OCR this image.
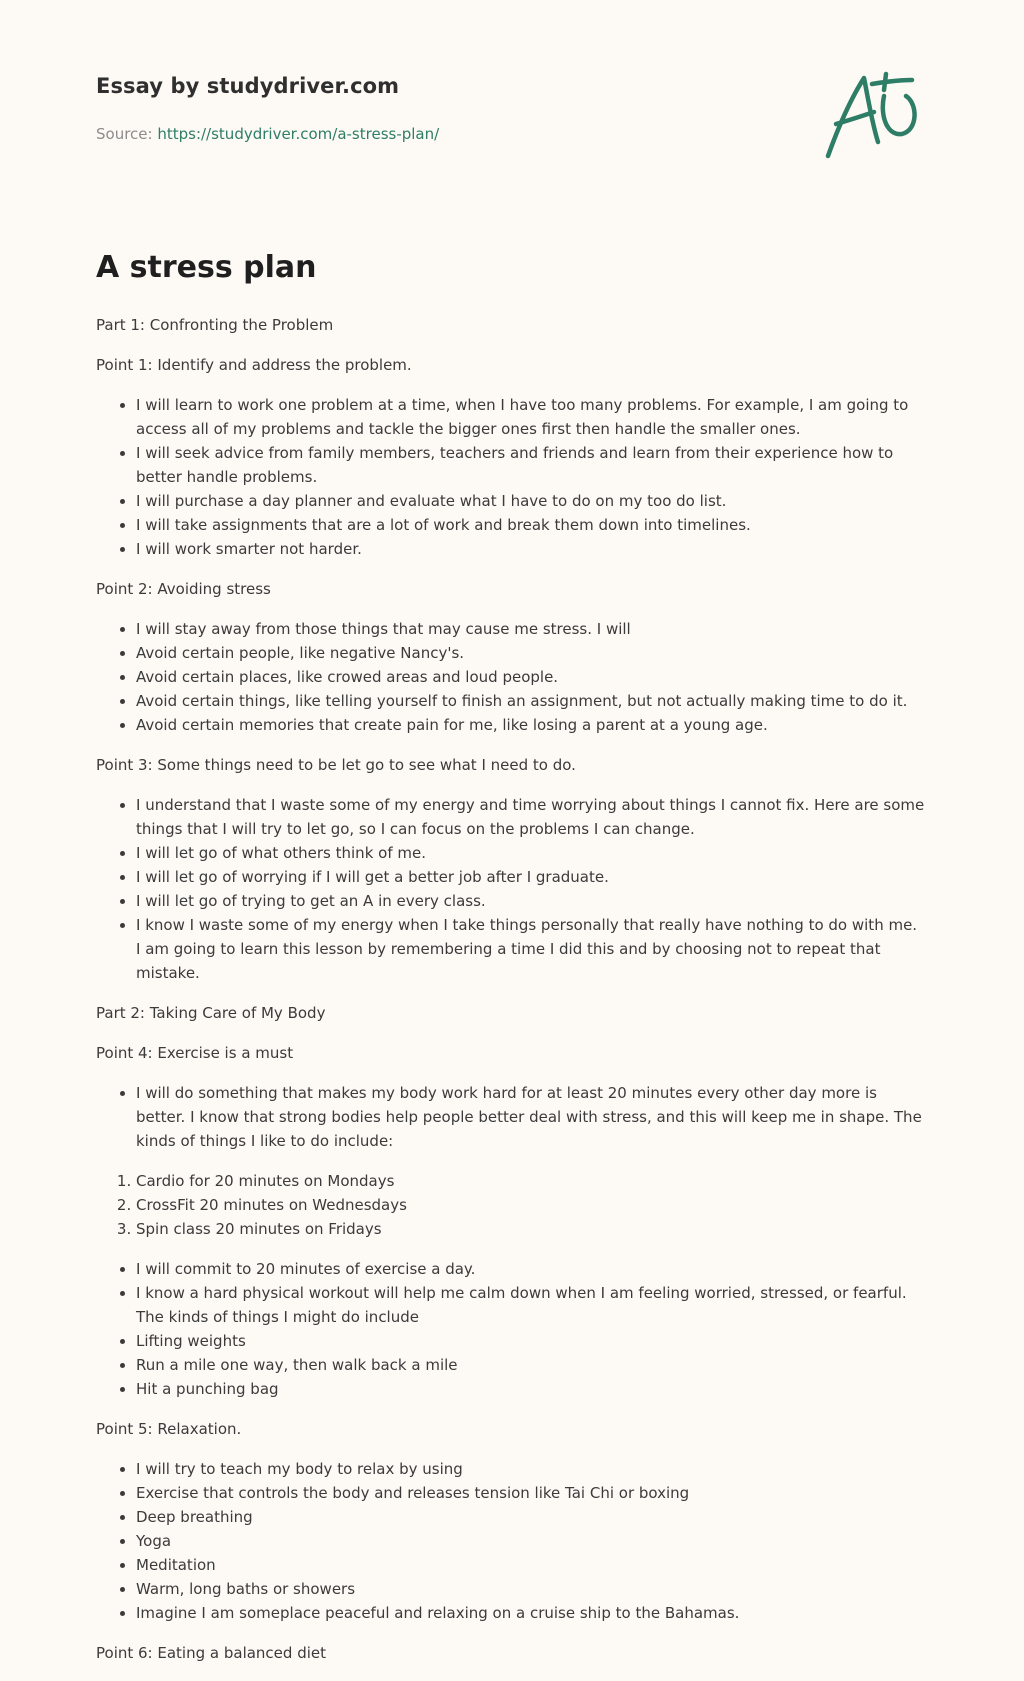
Essay by studydriver.com
Source: https://studydriver.com/a-stress-plan/
A stress plan

Part 1: Confronting the Problem

Point 1: Identify and address the problem.

• I will learn to work one problem at a time, when I have too many problems. For example, I am going to access all of my problems and tackle the bigger ones first then handle the smaller ones.
• I will seek advice from family members, teachers and friends and learn from their experience how to better handle problems.
• I will purchase a day planner and evaluate what I have to do on my too do list.
• I will take assignments that are a lot of work and break them down into timelines.
• I will work smarter not harder.

Point 2: Avoiding stress

• I will stay away from those things that may cause me stress. I will
• Avoid certain people, like negative Nancy's.
• Avoid certain places, like crowed areas and loud people.
• Avoid certain things, like telling yourself to finish an assignment, but not actually making time to do it.
• Avoid certain memories that create pain for me, like losing a parent at a young age.

Point 3: Some things need to be let go to see what I need to do.

• I understand that I waste some of my energy and time worrying about things I cannot fix. Here are some things that I will try to let go, so I can focus on the problems I can change.
• I will let go of what others think of me.
• I will let go of worrying if I will get a better job after I graduate.
• I will let go of trying to get an A in every class.
• I know I waste some of my energy when I take things personally that really have nothing to do with me. I am going to learn this lesson by remembering a time I did this and by choosing not to repeat that mistake.

Part 2: Taking Care of My Body

Point 4: Exercise is a must

• I will do something that makes my body work hard for at least 20 minutes every other day more is better. I know that strong bodies help people better deal with stress, and this will keep me in shape. The kinds of things I like to do include:
1. Cardio for 20 minutes on Mondays
2. CrossFit 20 minutes on Wednesdays
3. Spin class 20 minutes on Fridays
• I will commit to 20 minutes of exercise a day.
• I know a hard physical workout will help me calm down when I am feeling worried, stressed, or fearful. The kinds of things I might do include
• Lifting weights
• Run a mile one way, then walk back a mile
• Hit a punching bag

Point 5: Relaxation.

• I will try to teach my body to relax by using
• Exercise that controls the body and releases tension like Tai Chi or boxing
• Deep breathing
• Yoga
• Meditation
• Warm, long baths or showers
• Imagine I am someplace peaceful and relaxing on a cruise ship to the Bahamas.

Point 6: Eating a balanced diet
